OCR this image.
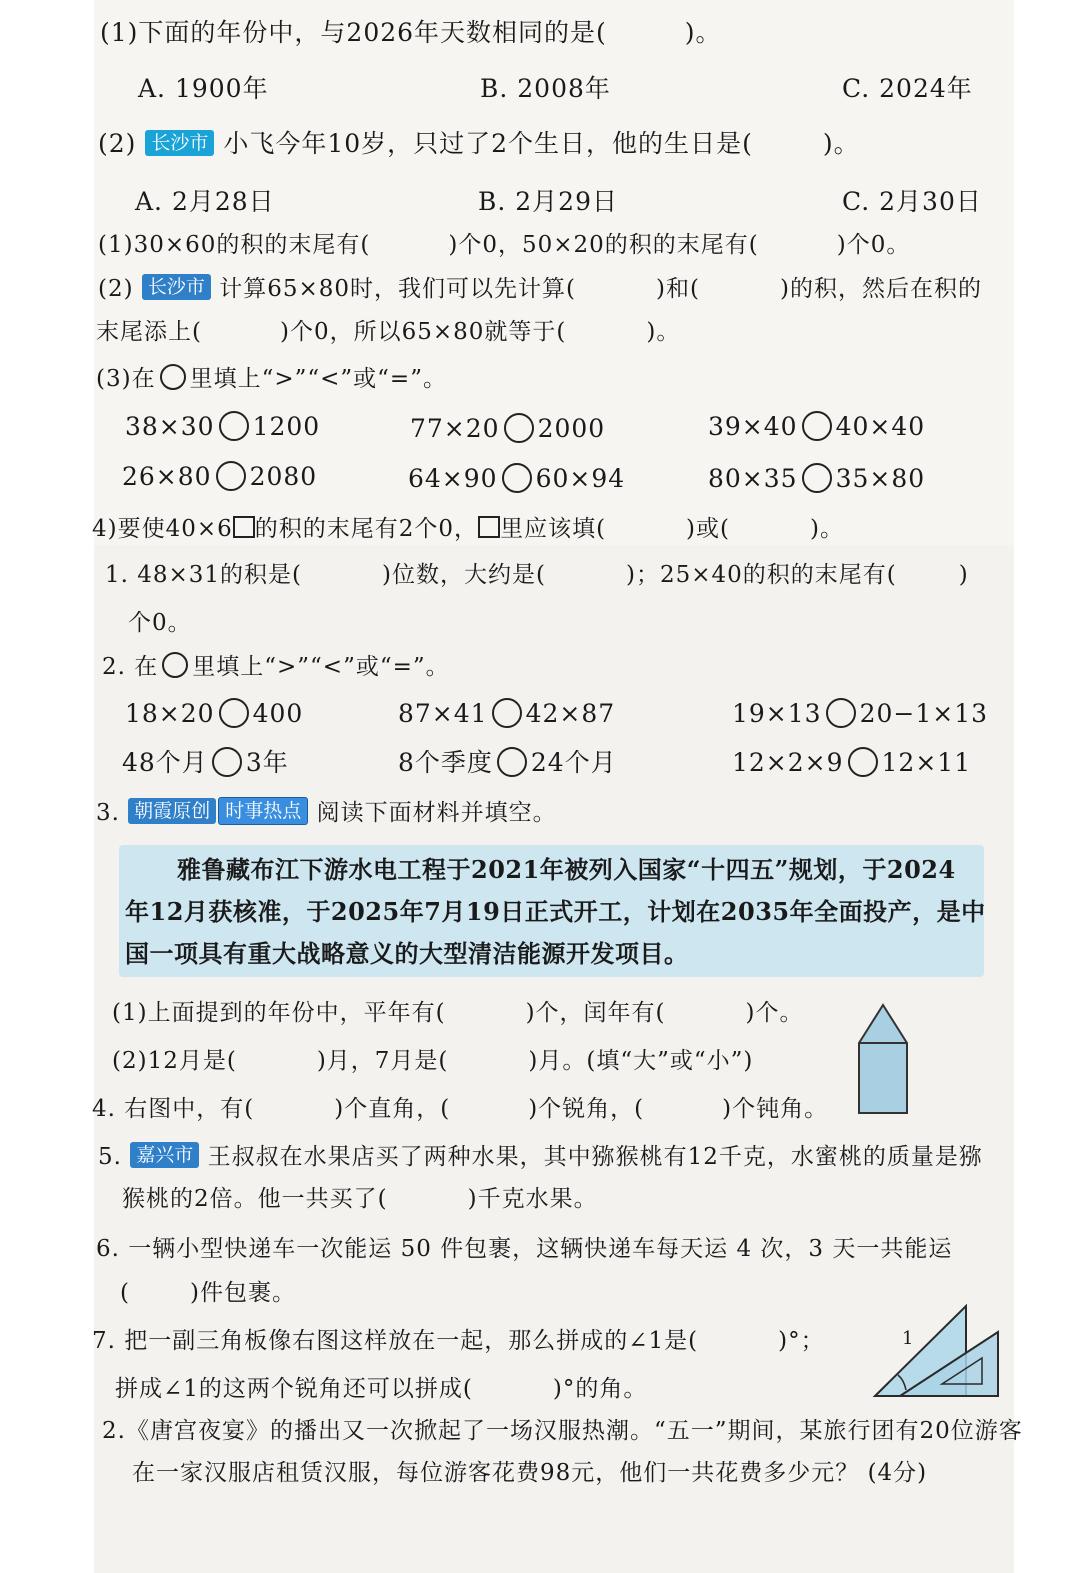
(1)下面的年份中，与2026年天数相同的是(	)。
A. 1900年	B. 2008年	C. 2024年
(2) 长沙市 小飞今年10岁，只过了2个生日，他的生日是(	)。
A. 2月28日	B. 2月29日	C. 2月30日
(1)30×60的积的末尾有(	)个0，50×20的积的末尾有(	)个0。
(2) 长沙市 计算65×80时，我们可以先计算(	)和(	)的积，然后在积的
末尾添上(	)个0，所以65×80就等于(	)。
(3)在 里填上“>”“<”或“=”。
38×30 1200	77×20 2000	39×40 40×40
26×80 2080	64×90 60×94	80×35 35×80
4)要使40×6 的积的末尾有2个0， 里应该填(	)或(	)。
1. 48×31的积是(	)位数，大约是(	)；25×40的积的末尾有(	)
个0。
2. 在 里填上“>”“<”或“=”。
18×20 400	87×41 42×87	19×13 20−1×13
48个月 3年	8个季度 24个月	12×2×9 12×11
3. 朝霞原创 时事热点 阅读下面材料并填空。
雅鲁藏布江下游水电工程于2021年被列入国家“十四五”规划，于2024
年12月获核准，于2025年7月19日正式开工，计划在2035年全面投产，是中
国一项具有重大战略意义的大型清洁能源开发项目。
(1)上面提到的年份中，平年有(	)个，闰年有(	)个。
(2)12月是(	)月，7月是(	)月。(填“大”或“小”)
4. 右图中，有(	)个直角，(	)个锐角，(	)个钝角。
5. 嘉兴市 王叔叔在水果店买了两种水果，其中猕猴桃有12千克，水蜜桃的质量是猕
猴桃的2倍。他一共买了(	)千克水果。
6. 一辆小型快递车一次能运 50 件包裹，这辆快递车每天运 4 次，3 天一共能运
(	)件包裹。
7. 把一副三角板像右图这样放在一起，那么拼成的∠1是(	)°；
拼成∠1的这两个锐角还可以拼成(	)°的角。
1
2.《唐宫夜宴》的播出又一次掀起了一场汉服热潮。“五一”期间，某旅行团有20位游客
在一家汉服店租赁汉服，每位游客花费98元，他们一共花费多少元？ (4分)
